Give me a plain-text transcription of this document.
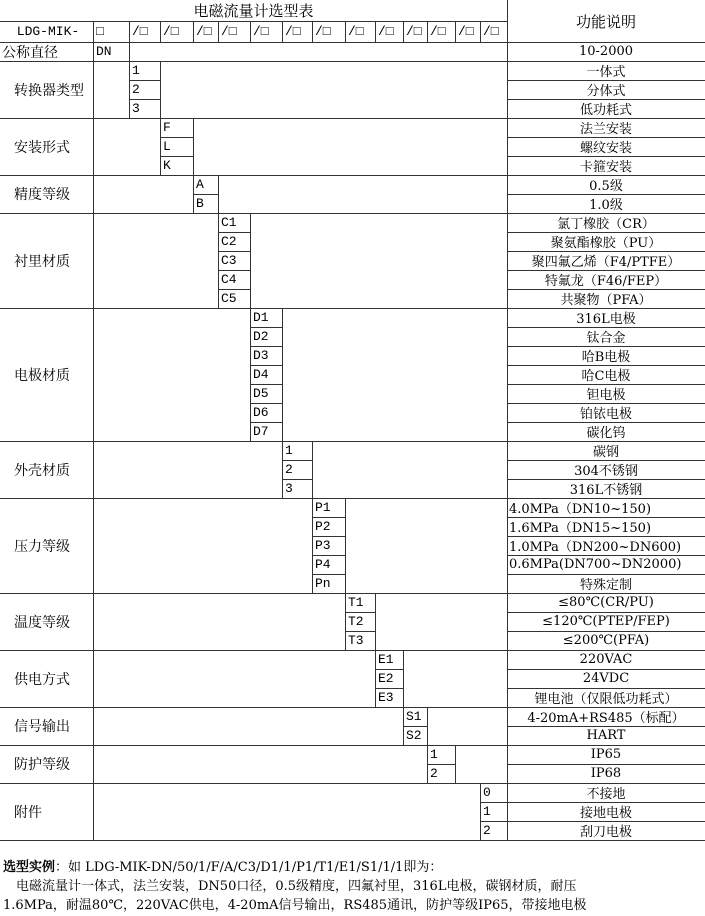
电磁流量计选型表
功能说明
LDG-MIK-	□	/□	/□	/□ /□	/□	/□	/□	/□	/□ /□ /□ /□ /□
公称直径	DN	10-2000
转换器类型
1	一体式
2	分体式
3	低功耗式
安装形式
F	法兰安装
L	螺纹安装
K	卡箍安装
精度等级
A	0.5级
B	1.0级
衬里材质
C1	氯丁橡胶（CR）
C2	聚氨酯橡胶（PU）
C3	聚四氟乙烯（F4/PTFE）
C4	特氟龙（F46/FEP）
C5	共聚物（PFA）
电极材质
D1	316L电极
D2	钛合金
D3	哈B电极
D4	哈C电极
D5	钽电极
D6	铂铱电极
D7	碳化钨
外壳材质
1	碳钢
2	304不锈钢
3	316L不锈钢
压力等级
P1	4.0MPa（DN10~150)
P2	1.6MPa（DN15~150)
P3	1.0MPa（DN200~DN600)
P4	0.6MPa(DN700~DN2000)
Pn	特殊定制
温度等级
T1	≤80℃(CR/PU)
T2	≤120℃(PTEP/FEP)
T3	≤200℃(PFA)
供电方式
E1	220VAC
E2	24VDC
E3	锂电池（仅限低功耗式）
信号输出
S1	4-20mA+RS485（标配）
S2	HART
防护等级
1	IP65
2	IP68
附件
0	不接地
1	接地电极
2	刮刀电极
选型实例：如 LDG-MIK-DN/50/1/F/A/C3/D1/1/P1/T1/E1/S1/1/1即为：
　电磁流量计一体式，法兰安装，DN50口径，0.5级精度，四氟衬里，316L电极，碳钢材质，耐压
1.6MPa，耐温80℃，220VAC供电，4-20mA信号输出，RS485通讯，防护等级IP65，带接地电极
